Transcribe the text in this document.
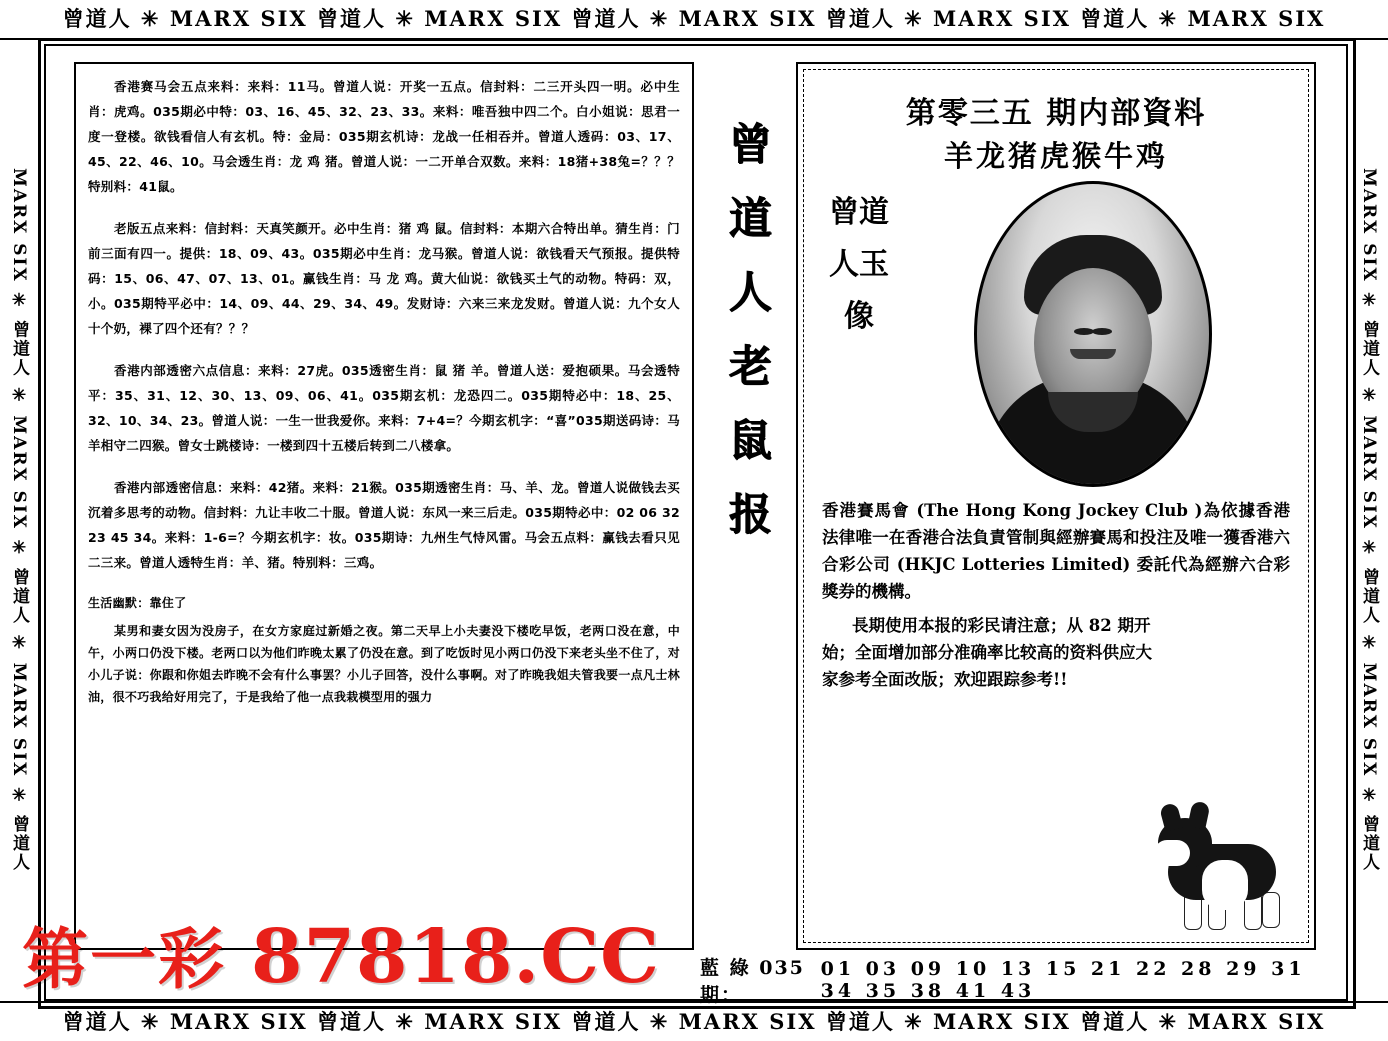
曾道人 ✳ MARX SIX 曾道人 ✳ MARX SIX 曾道人 ✳ MARX SIX 曾道人 ✳ MARX SIX 曾道人 ✳ MARX SIX
曾道人 ✳ MARX SIX 曾道人 ✳ MARX SIX 曾道人 ✳ MARX SIX 曾道人 ✳ MARX SIX 曾道人 ✳ MARX SIX
MARX SIX ✳ 曾道人 ✳ MARX SIX ✳ 曾道人 ✳ MARX SIX ✳ 曾道人	MARX SIX ✳ 曾道人 ✳ MARX SIX ✳ 曾道人 ✳ MARX SIX ✳ 曾道人

香港赛马会五点来料：来料：11马。曾道人说：开奖一五点。信封料：二三开头四一明。必中生肖：虎鸡。035期必中特：03、16、45、32、23、33。来料：唯吾独中四二个。白小姐说：思君一度一登楼。欲钱看信人有玄机。特：金局：035期玄机诗：龙战一任相吞并。曾道人透码：03、17、45、22、46、10。马会透生肖：龙 鸡 猪。曾道人说：一二开单合双数。来料：18猪+38兔=？？？ 特别料：41鼠。

老版五点来料：信封料：天真笑颜开。必中生肖：猪 鸡 鼠。信封料：本期六合特出单。猜生肖：门前三面有四一。提供：18、09、43。035期必中生肖：龙马猴。曾道人说：欲钱看天气预报。提供特码：15、06、47、07、13、01。赢钱生肖：马 龙 鸡。黄大仙说：欲钱买土气的动物。特码：双，小。035期特平必中：14、09、44、29、34、49。发财诗：六来三来龙发财。曾道人说：九个女人十个奶，裸了四个还有？？？

香港内部透密六点信息：来料：27虎。035透密生肖：鼠 猪 羊。曾道人送：爱抱硕果。马会透特平：35、31、12、30、13、09、06、41。035期玄机：龙恐四二。035期特必中：18、25、32、10、34、23。曾道人说：一生一世我爱你。来料：7+4=？今期玄机字：“喜”035期送码诗：马羊相守二四猴。曾女士跳楼诗：一楼到四十五楼后转到二八楼拿。

香港内部透密信息：来料：42猪。来料：21猴。035期透密生肖：马、羊、龙。曾道人说做钱去买沉着多思考的动物。信封料：九让丰收二十服。曾道人说：东风一来三后走。035期特必中：02 06 32 23 45 34。来料：1-6=？今期玄机字：妆。035期诗：九州生气恃风雷。马会五点料：赢钱去看只见二三来。曾道人透特生肖：羊、猪。特别料：三鸡。

生活幽默：靠住了

某男和妻女因为没房子，在女方家庭过新婚之夜。第二天早上小夫妻没下楼吃早饭，老两口没在意，中午，小两口仍没下楼。老两口以为他们昨晚太累了仍没在意。到了吃饭时见小两口仍没下来老头坐不住了，对小儿子说：你跟和你姐去昨晚不会有什么事罢？小儿子回答，没什么事啊。对了昨晚我姐夫管我要一点凡士林油，很不巧我给好用完了，于是我给了他一点我栽模型用的强力

曾
道
人
老
鼠
报
第零三五 期内部資料
羊龙猪虎猴牛鸡
曾道人玉像

香港賽馬會 (The Hong Kong Jockey Club )為依據香港法律唯一在香港合法負責管制與經辦賽馬和投注及唯一獲香港六合彩公司 (HKJC Lotteries Limited) 委託代為經辦六合彩獎券的機構。

長期使用本报的彩民请注意；从 82 期开始；全面增加部分准确率比较高的资料供应大家参考全面改版；欢迎跟踪参考!!
藍 綠 035期：
01 03 09 10 13 15 21 22 28 29 31 34 35 38 41 43
第一彩 87818.CC
